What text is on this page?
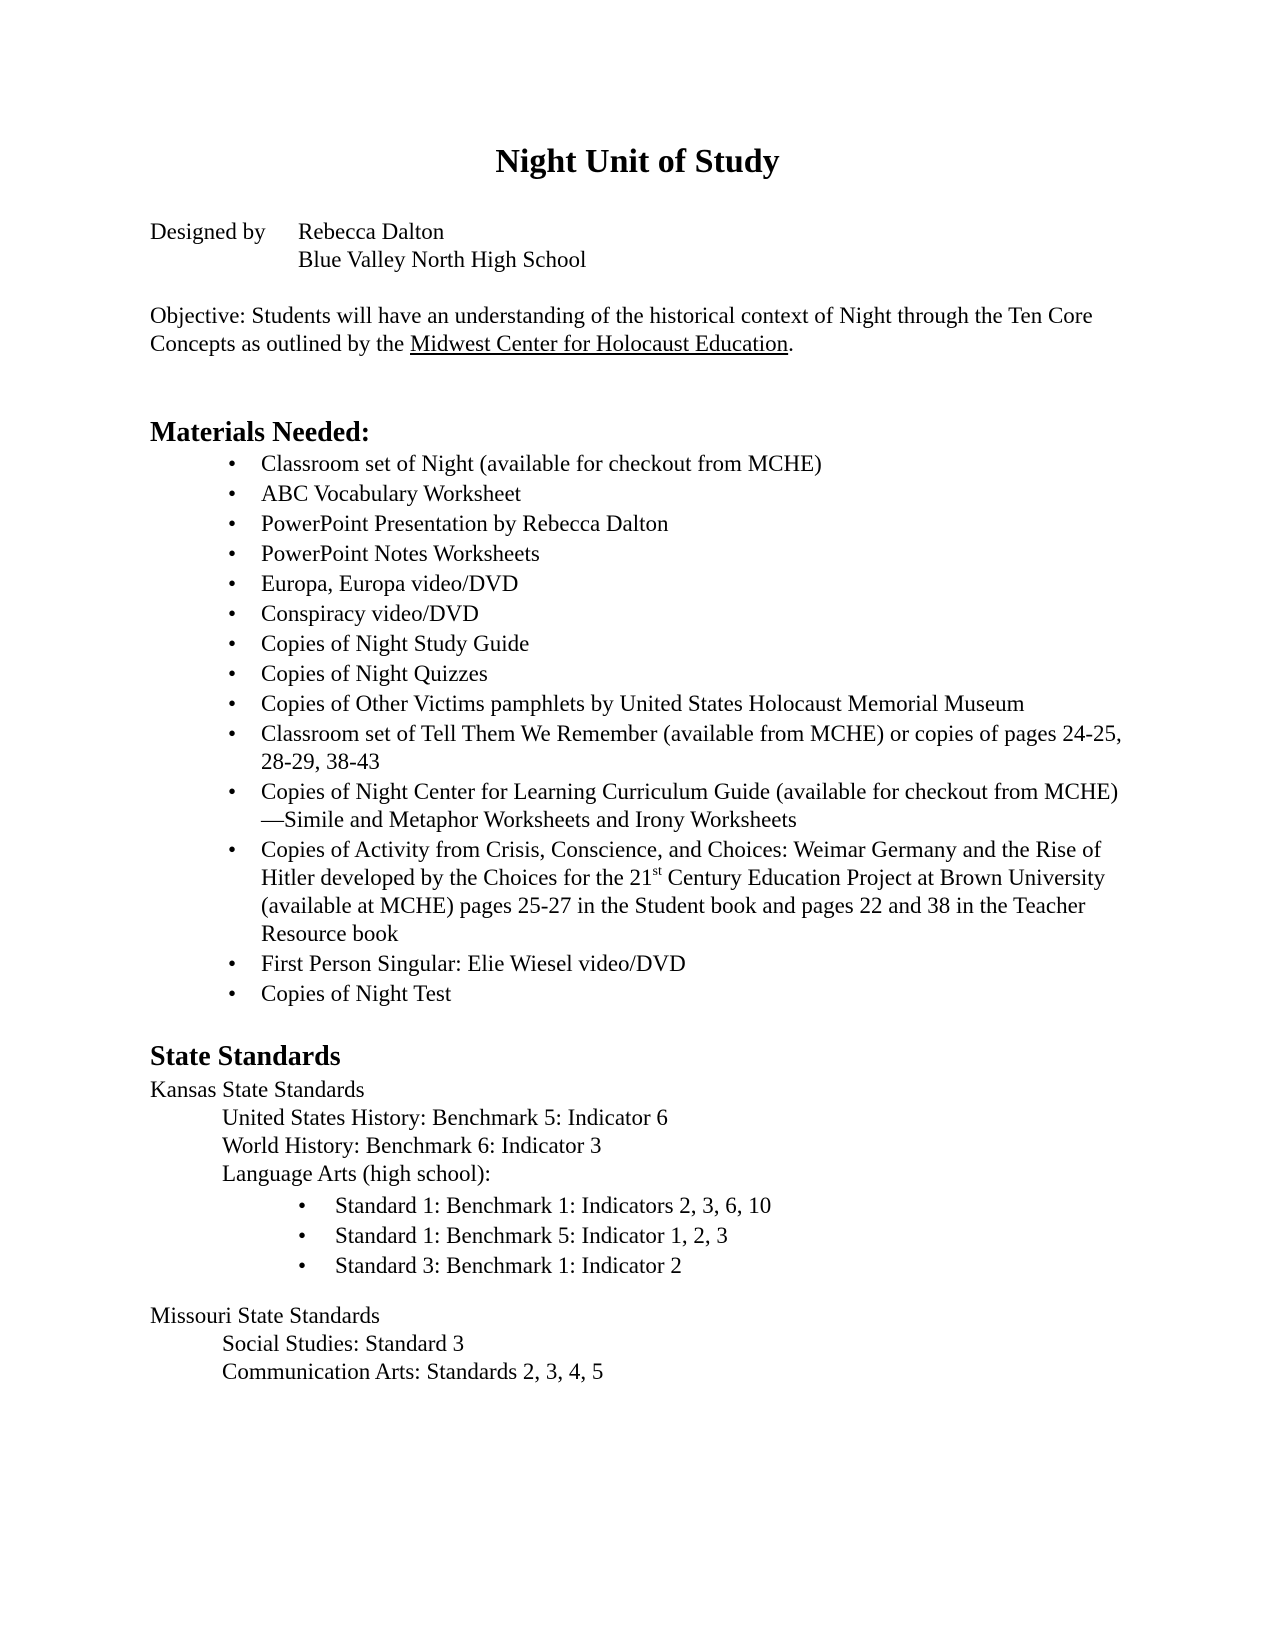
Night Unit of Study
Designed by Rebecca Dalton
Blue Valley North High School

Objective: Students will have an understanding of the historical context of Night through the Ten Core Concepts as outlined by the Midwest Center for Holocaust Education.

Materials Needed:
• Classroom set of Night (available for checkout from MCHE)
• ABC Vocabulary Worksheet
• PowerPoint Presentation by Rebecca Dalton
• PowerPoint Notes Worksheets
• Europa, Europa video/DVD
• Conspiracy video/DVD
• Copies of Night Study Guide
• Copies of Night Quizzes
• Copies of Other Victims pamphlets by United States Holocaust Memorial Museum
• Classroom set of Tell Them We Remember (available from MCHE) or copies of pages 24-25, 28-29, 38-43
• Copies of Night Center for Learning Curriculum Guide (available for checkout from MCHE)—Simile and Metaphor Worksheets and Irony Worksheets
• Copies of Activity from Crisis, Conscience, and Choices: Weimar Germany and the Rise of Hitler developed by the Choices for the 21st Century Education Project at Brown University (available at MCHE) pages 25-27 in the Student book and pages 22 and 38 in the Teacher Resource book
• First Person Singular: Elie Wiesel video/DVD
• Copies of Night Test
State Standards
Kansas State Standards
United States History: Benchmark 5: Indicator 6
World History: Benchmark 6: Indicator 3
Language Arts (high school):
• Standard 1: Benchmark 1: Indicators 2, 3, 6, 10
• Standard 1: Benchmark 5: Indicator 1, 2, 3
• Standard 3: Benchmark 1: Indicator 2
Missouri State Standards
Social Studies: Standard 3
Communication Arts: Standards 2, 3, 4, 5
